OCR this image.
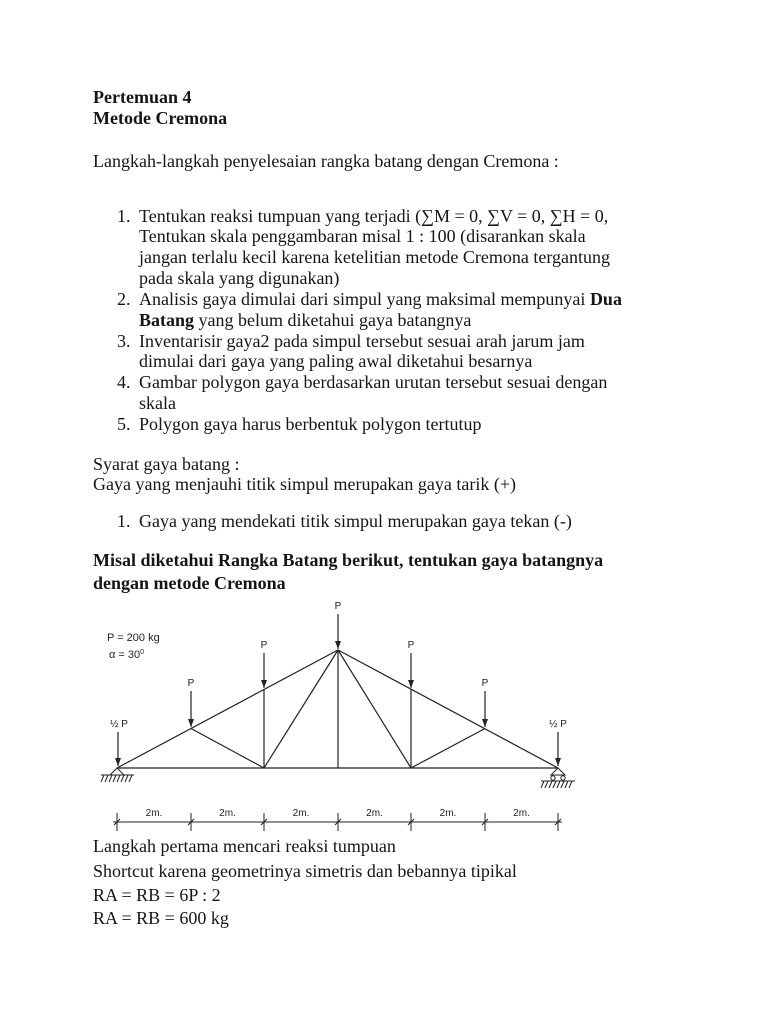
Pertemuan 4
Metode Cremona
Langkah-langkah penyelesaian rangka batang dengan Cremona :
1. Tentukan reaksi tumpuan yang terjadi (∑M = 0, ∑V = 0, ∑H = 0,
Tentukan skala penggambaran misal 1 : 100 (disarankan skala
jangan terlalu kecil karena ketelitian metode Cremona tergantung
pada skala yang digunakan)
2. Analisis gaya dimulai dari simpul yang maksimal mempunyai Dua
Batang yang belum diketahui gaya batangnya
3. Inventarisir gaya2 pada simpul tersebut sesuai arah jarum jam
dimulai dari gaya yang paling awal diketahui besarnya
4. Gambar polygon gaya berdasarkan urutan tersebut sesuai dengan
skala
5. Polygon gaya harus berbentuk polygon tertutup
Syarat gaya batang :
Gaya yang menjauhi titik simpul merupakan gaya tarik (+)
1. Gaya yang mendekati titik simpul merupakan gaya tekan (-)
Misal diketahui Rangka Batang berikut, tentukan gaya batangnya
dengan metode Cremona
P = 200 kg
$\alpha = 30^0$
½ P
P
P
P
P
P
½ P
2m.	2m.	2m.	2m.	2m.	2m.
Langkah pertama mencari reaksi tumpuan
Shortcut karena geometrinya simetris dan bebannya tipikal
RA = RB = 6P : 2
RA = RB = 600 kg
